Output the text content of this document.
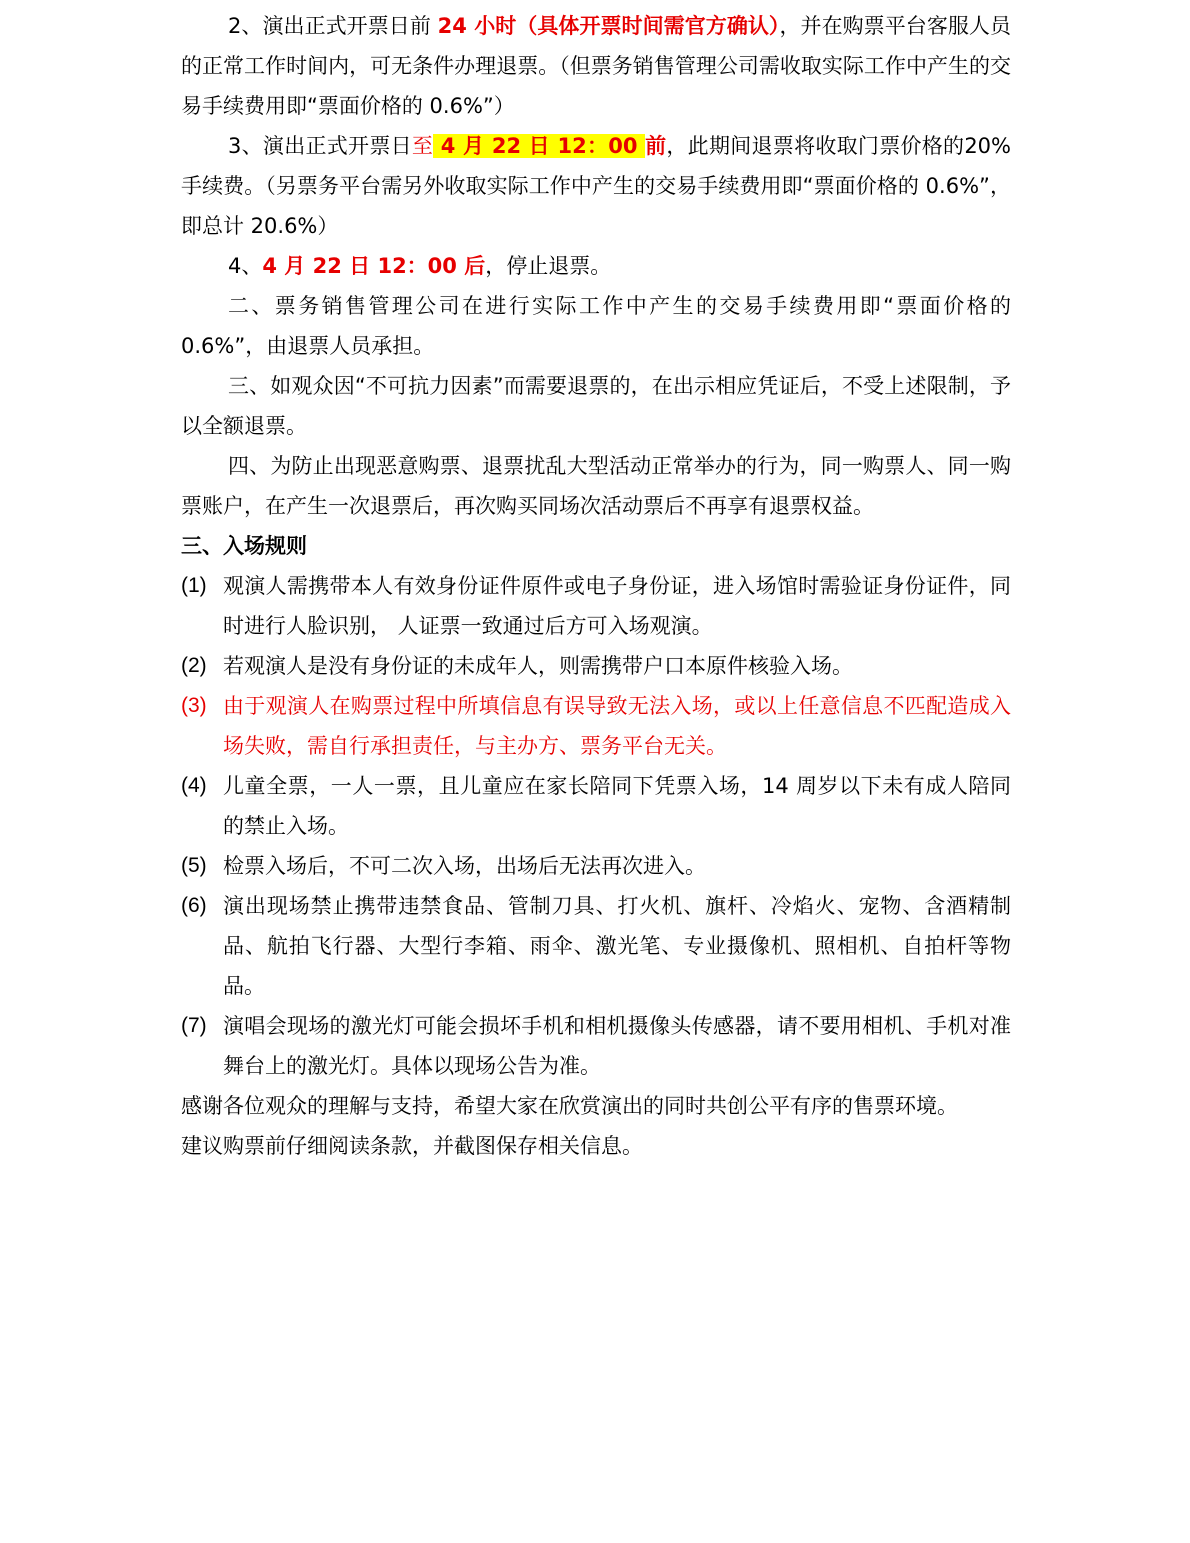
2、演出正式开票日前 24 小时（具体开票时间需官方确认），并在购票平台客服人员的正常工作时间内，可无条件办理退票。（但票务销售管理公司需收取实际工作中产生的交易手续费用即“票面价格的 0.6%”）

3、演出正式开票日至 4 月 22 日 12：00 前，此期间退票将收取门票价格的20%手续费。（另票务平台需另外收取实际工作中产生的交易手续费用即“票面价格的 0.6%”，即总计 20.6%）

4、4 月 22 日 12：00 后，停止退票。

二、票务销售管理公司在进行实际工作中产生的交易手续费用即“票面价格的 0.6%”，由退票人员承担。

三、如观众因“不可抗力因素”而需要退票的，在出示相应凭证后，不受上述限制，予以全额退票。

四、为防止出现恶意购票、退票扰乱大型活动正常举办的行为，同一购票人、同一购票账户，在产生一次退票后，再次购买同场次活动票后不再享有退票权益。

三、入场规则

(1) 观演人需携带本人有效身份证件原件或电子身份证，进入场馆时需验证身份证件，同时进行人脸识别， 人证票一致通过后方可入场观演。

(2) 若观演人是没有身份证的未成年人，则需携带户口本原件核验入场。

(3) 由于观演人在购票过程中所填信息有误导致无法入场，或以上任意信息不匹配造成入场失败，需自行承担责任，与主办方、票务平台无关。

(4) 儿童全票，一人一票，且儿童应在家长陪同下凭票入场，14 周岁以下未有成人陪同的禁止入场。

(5) 检票入场后，不可二次入场，出场后无法再次进入。

(6) 演出现场禁止携带违禁食品、管制刀具、打火机、旗杆、冷焰火、宠物、含酒精制品、航拍飞行器、大型行李箱、雨伞、激光笔、专业摄像机、照相机、自拍杆等物品。

(7) 演唱会现场的激光灯可能会损坏手机和相机摄像头传感器，请不要用相机、手机对准舞台上的激光灯。具体以现场公告为准。

感谢各位观众的理解与支持，希望大家在欣赏演出的同时共创公平有序的售票环境。

建议购票前仔细阅读条款，并截图保存相关信息。
